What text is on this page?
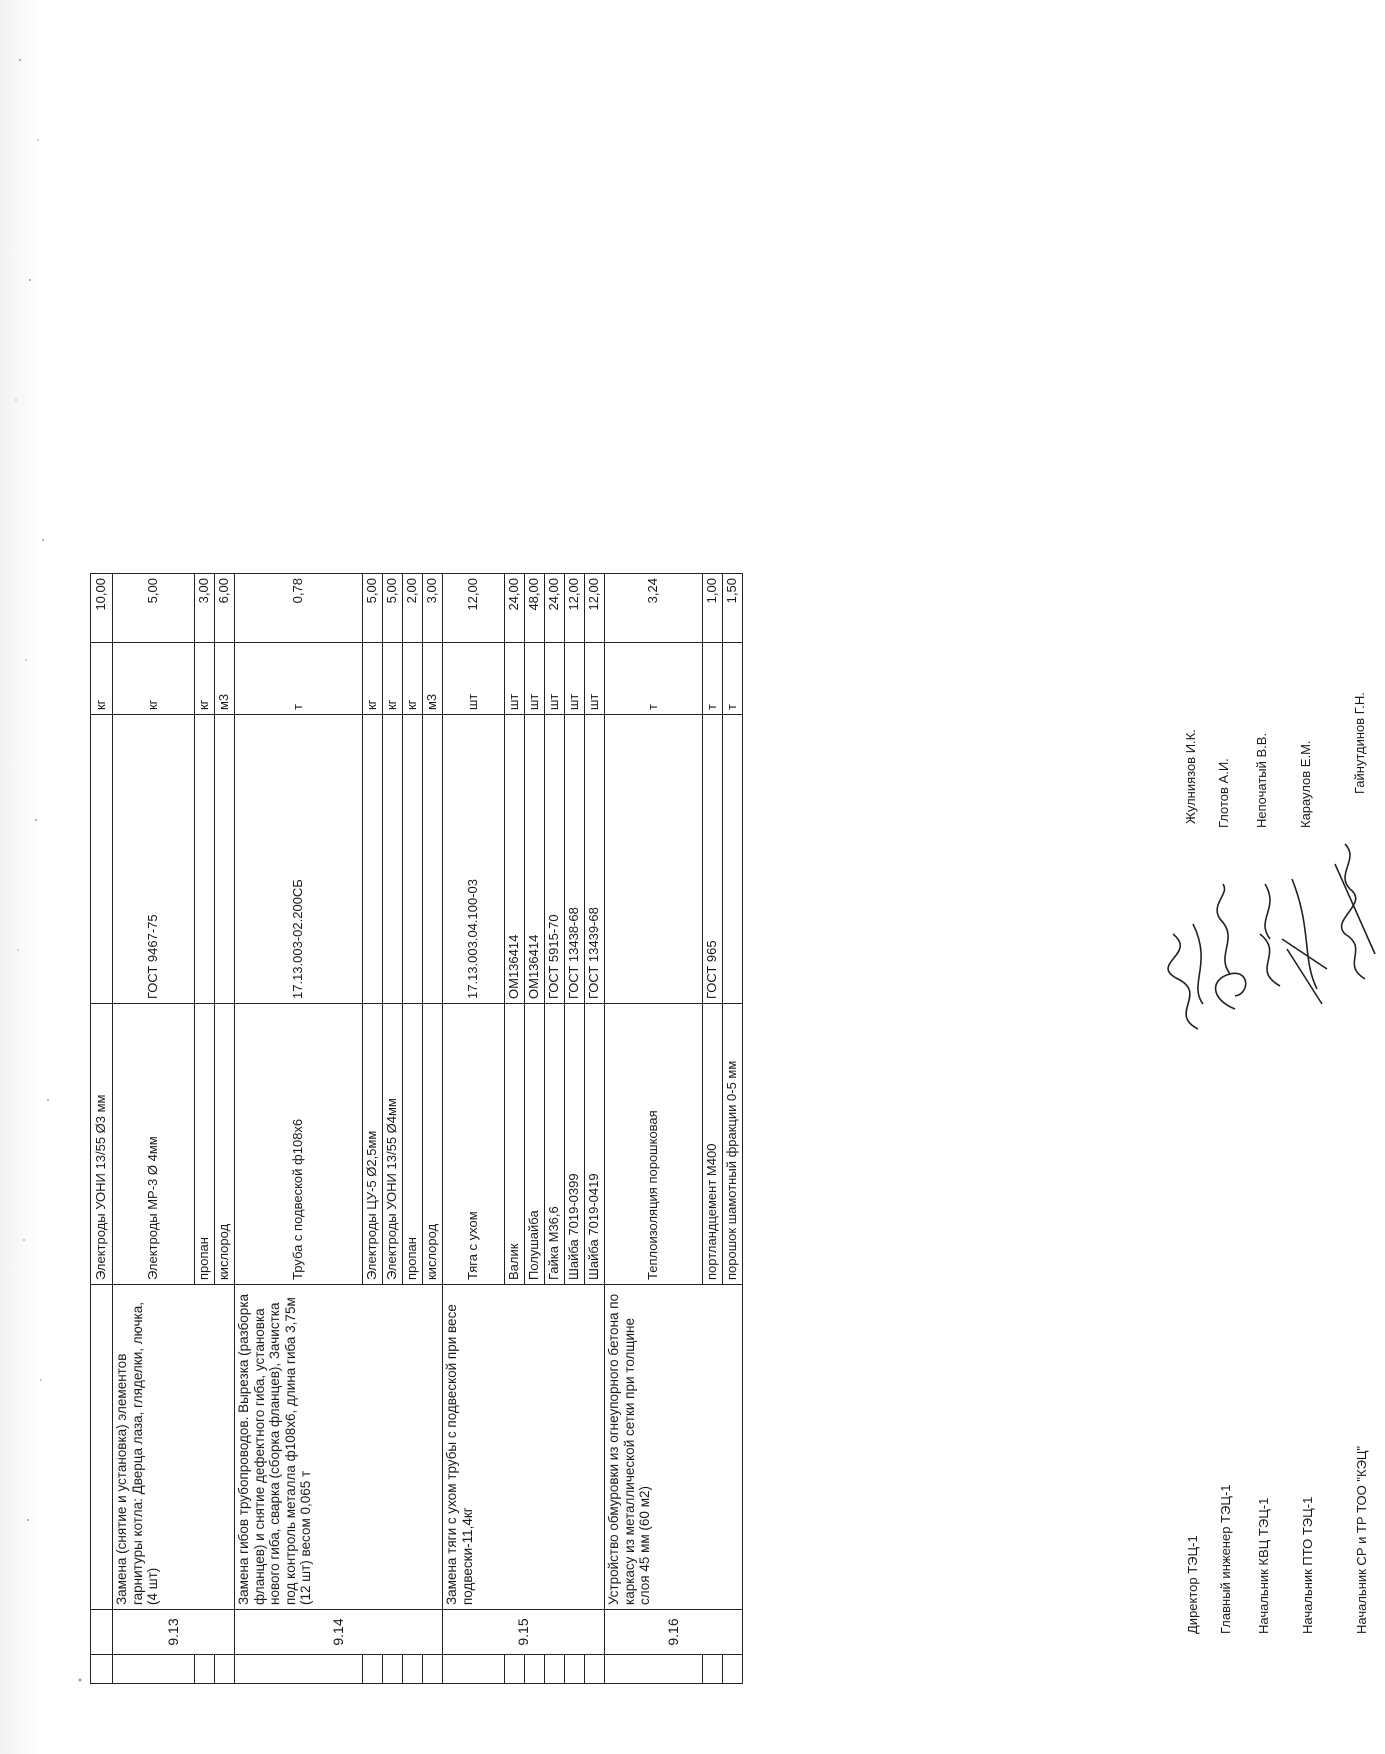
			Электроды УОНИ 13/55 Ø3 мм		кг	10,00
	9.13	Замена (снятие и установка) элементов гарнитуры котла: Дверца лаза, гляделки, лючка, (4 шт)	Электроды МР-3 Ø 4мм	ГОСТ 9467-75	кг	5,00
			пропан		кг	3,00
			кислород		м3	6,00
	9.14	Замена гибов трубопроводов. Вырезка (разборка фланцев) и снятие дефектного гиба, установка нового гиба, сварка (сборка фланцев), Зачистка под контроль металла ф108х6, длина гиба 3,75м (12 шт) весом 0,065 т	Труба с подвеской ф108х6	17.13.003-02.200СБ	т	0,78
			Электроды ЦУ-5 Ø2,5мм		кг	5,00
			Электроды УОНИ 13/55 Ø4мм		кг	5,00
			пропан		кг	2,00
			кислород		м3	3,00
	9.15	Замена тяги с ухом трубы с подвеской при весе подвески-11,4кг	Тяга с ухом	17.13.003.04.100-03	шт	12,00
			Валик	ОМ136414	шт	24,00
			Полушайба	ОМ136414	шт	48,00
			Гайка М36,6	ГОСТ 5915-70	шт	24,00
			Шайба 7019-0399	ГОСТ 13438-68	шт	12,00
			Шайба 7019-0419	ГОСТ 13439-68	шт	12,00
	9.16	Устройство обмуровки из огнеупорного бетона по каркасу из металлической сетки при толщине слоя 45 мм (60 м2)	Теплоизоляция порошковая		т	3,24
			портландцемент М400	ГОСТ 965	т	1,00
			порошок шамотный фракции 0-5 мм		т	1,50
Директор ТЭЦ-1
Жулниязов И.К.
Главный инженер ТЭЦ-1
Глотов А.И.
Начальник КВЦ ТЭЦ-1
Непочатый В.В.
Начальник ПТО ТЭЦ-1
Караулов Е.М.
Начальник СР и ТР ТОО "КЭЦ"
Гайнутдинов Г.Н.
